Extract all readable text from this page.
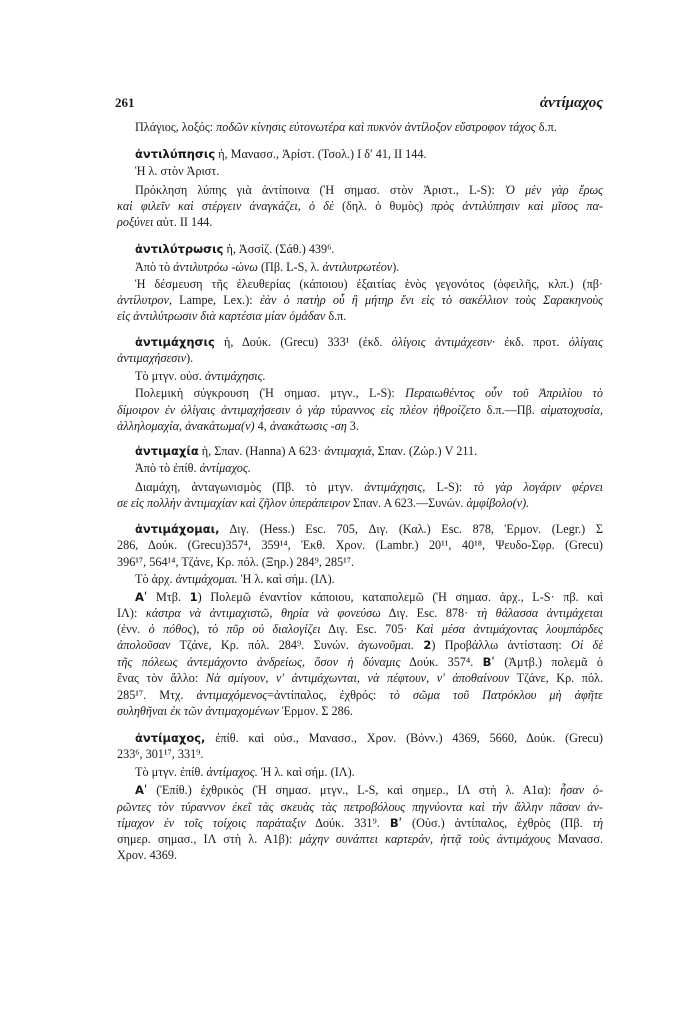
261	ἀντίμαχος
Πλάγιος, λοξός: ποδῶν κίνησις εὐτονωτέρα καὶ πυκνὸν ἀντίλοξον εὔστροφον τάχος δ.π.
ἀντιλύπησις ἡ, Μανασσ., Ἀρίστ. (Τσολ.) Ι δʹ 41, ΙΙ 144.
Ἡ λ. στὸν Ἀριστ.
Πρόκληση λύπης γιὰ ἀντίποινα (Ἡ σημασ. στὸν Ἀριστ., L-S): Ὁ μὲν γὰρ ἔρως
καὶ φιλεῖν καὶ στέργειν ἀναγκάζει, ὁ δὲ (δηλ. ὁ θυμὸς) πρὸς ἀντιλύπησιν καὶ μῖσος πα-
ροξύνει αὐτ. ΙΙ 144.
ἀντιλύτρωσις ἡ, Ἀσσίζ. (Σάθ.) 439⁶.
Ἀπὸ τὸ ἀντιλυτρόω -ώνω (Πβ. L-S, λ. ἀντιλυτρωτέον).
Ἡ δέσμευση τῆς ἐλευθερίας (κάποιου) ἐξαιτίας ἑνὸς γεγονότος (ὀφειλῆς, κλπ.) (πβ·
ἀντίλυτρον, Lampe, Lex.): ἐὰν ὁ πατὴρ οὗ ἢ μήτηρ ἔνι εἰς τὸ σακέλλιον τοὺς Σαρακηνοὺς
εἰς ἀντιλύτρωσιν διὰ καρτέσια μίαν ὁμάδαν δ.π.
ἀντιμάχησις ἡ, Δούκ. (Grecu) 333¹ (ἐκδ. ὀλίγοις ἀντιμάχεσιν· ἐκδ. προτ. ὀλίγαις
ἀντιμαχήσεσιν).
Τὸ μτγν. οὐσ. ἀντιμάχησις.
Πολεμικὴ σύγκρουση (Ἡ σημασ. μτγν., L-S): Περαιωθέντος οὖν τοῦ Ἀπριλίου τὸ
δίμοιρον ἐν ὀλίγαις ἀντιμαχήσεσιν ὁ γὰρ τύραννος εἰς πλέον ἠθροίζετο δ.π.—Πβ. αἱματοχυσία,
ἀλληλομαχία, ἀνακάτωμα(ν) 4, ἀνακάτωσις -ση 3.
ἀντιμαχία ἡ, Σπαν. (Hanna) Α 623· ἀντιμαχιά, Σπαν. (Ζώρ.) V 211.
Ἀπὸ τὸ ἐπίθ. ἀντίμαχος.
Διαμάχη, ἀνταγωνισμὸς (Πβ. τὸ μτγν. ἀντιμάχησις, L-S): τὸ γὰρ λογάριν φέρνει
σε εἰς πολλὴν ἀντιμαχίαν καὶ ζῆλον ὑπεράπειρον Σπαν. Α 623.—Συνών. ἀμφίβολο(ν).
ἀντιμάχομαι, Διγ. (Hess.) Esc. 705, Διγ. (Καλ.) Esc. 878, Ἑρμον. (Legr.) Σ
286, Δούκ. (Grecu)357⁴, 359¹⁴, Ἐκθ. Χρον. (Lambr.) 20¹¹, 40¹⁸, Ψευδο-Σφρ. (Grecu)
396¹⁷, 564¹⁴, Τζάνε, Κρ. πόλ. (Ξηρ.) 284⁹, 285¹⁷.
Τὸ ἀρχ. ἀντιμάχομαι. Ἡ λ. καὶ σήμ. (ΙΛ).
Αʹ Μτβ. 1) Πολεμῶ ἐναντίον κάποιου, καταπολεμῶ (Ἡ σημασ. ἀρχ., L-S· πβ. καὶ
ΙΛ): κάστρα νὰ ἀντιμαχιστῶ, θηρία νὰ φονεύσω Διγ. Esc. 878· τὴ θάλασσα ἀντιμάχεται
(ἐνν. ὁ πόθος), τὸ πῦρ οὐ διαλογίζει Διγ. Esc. 705· Καὶ μέσα ἀντιμάχοντας λουμπάρδες
ἀπολοῦσαν Τζάνε, Κρ. πόλ. 284⁹. Συνών. ἀγωνοῦμαι. 2) Προβάλλω ἀντίσταση: Οἱ δὲ
τῆς πόλεως ἀντεμάχοντο ἀνδρείως, ὅσον ἡ δύναμις Δούκ. 357⁴. Βʹ (Ἀμτβ.) πολεμᾶ ὁ
ἕνας τὸν ἄλλο: Νὰ σμίγουν, ν' ἀντιμάχωνται, νὰ πέφτουν, ν' ἀποθαίνουν Τζάνε, Κρ. πόλ.
285¹⁷. Μτχ. ἀντιμαχόμενος=ἀντίπαλος, ἐχθρός: τὸ σῶμα τοῦ Πατρόκλου μὴ ἀφῆτε
συληθῆναι ἐκ τῶν ἀντιμαχομένων Ἑρμον. Σ 286.
ἀντίμαχος, ἐπίθ. καὶ οὐσ., Μανασσ., Χρον. (Βόνν.) 4369, 5660, Δούκ. (Grecu)
233⁶, 301¹⁷, 331⁹.
Τὸ μτγν. ἐπίθ. ἀντίμαχος. Ἡ λ. καὶ σήμ. (ΙΛ).
Αʹ (Ἐπίθ.) ἐχθρικὸς (Ἡ σημασ. μτγν., L-S, καὶ σημερ., ΙΛ στὴ λ. Α1α): ἦσαν ὁ-
ρῶντες τὸν τύραννον ἐκεῖ τὰς σκευὰς τὰς πετροβόλους πηγνύοντα καὶ τὴν ἄλλην πᾶσαν ἀν-
τίμαχον ἐν τοῖς τοίχοις παράταξιν Δούκ. 331⁹. Βʹ (Οὐσ.) ἀντίπαλος, ἐχθρὸς (Πβ. τὴ
σημερ. σημασ., ΙΛ στὴ λ. Α1β): μάχην συνάπτει καρτεράν, ἡττᾷ τοὺς ἀντιμάχους Μανασσ.
Χρον. 4369.
